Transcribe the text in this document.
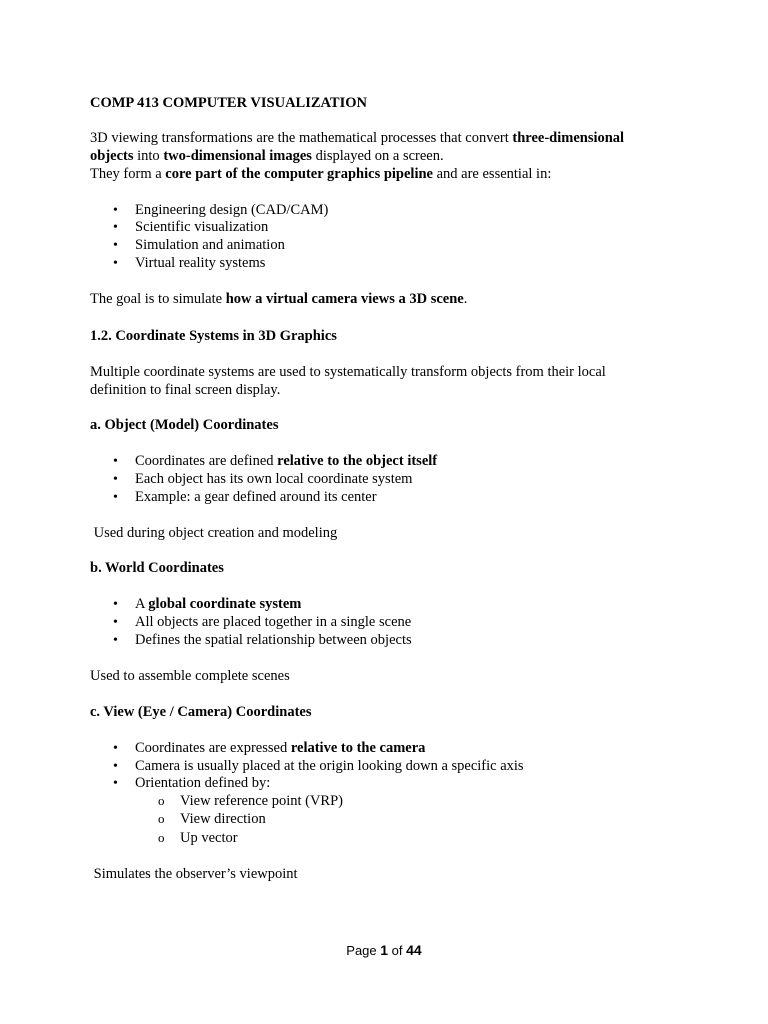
COMP 413 COMPUTER VISUALIZATION
3D viewing transformations are the mathematical processes that convert three-dimensional
objects into two-dimensional images displayed on a screen.
They form a core part of the computer graphics pipeline and are essential in:
•	Engineering design (CAD/CAM)
•	Scientific visualization
•	Simulation and animation
•	Virtual reality systems
The goal is to simulate how a virtual camera views a 3D scene.
1.2. Coordinate Systems in 3D Graphics
Multiple coordinate systems are used to systematically transform objects from their local
definition to final screen display.
a. Object (Model) Coordinates
•	Coordinates are defined relative to the object itself
•	Each object has its own local coordinate system
•	Example: a gear defined around its center
Used during object creation and modeling
b. World Coordinates
•	A global coordinate system
•	All objects are placed together in a single scene
•	Defines the spatial relationship between objects
Used to assemble complete scenes
c. View (Eye / Camera) Coordinates
•	Coordinates are expressed relative to the camera
•	Camera is usually placed at the origin looking down a specific axis
•	Orientation defined by:
o	View reference point (VRP)
o	View direction
o	Up vector
Simulates the observer’s viewpoint
Page 1 of 44
